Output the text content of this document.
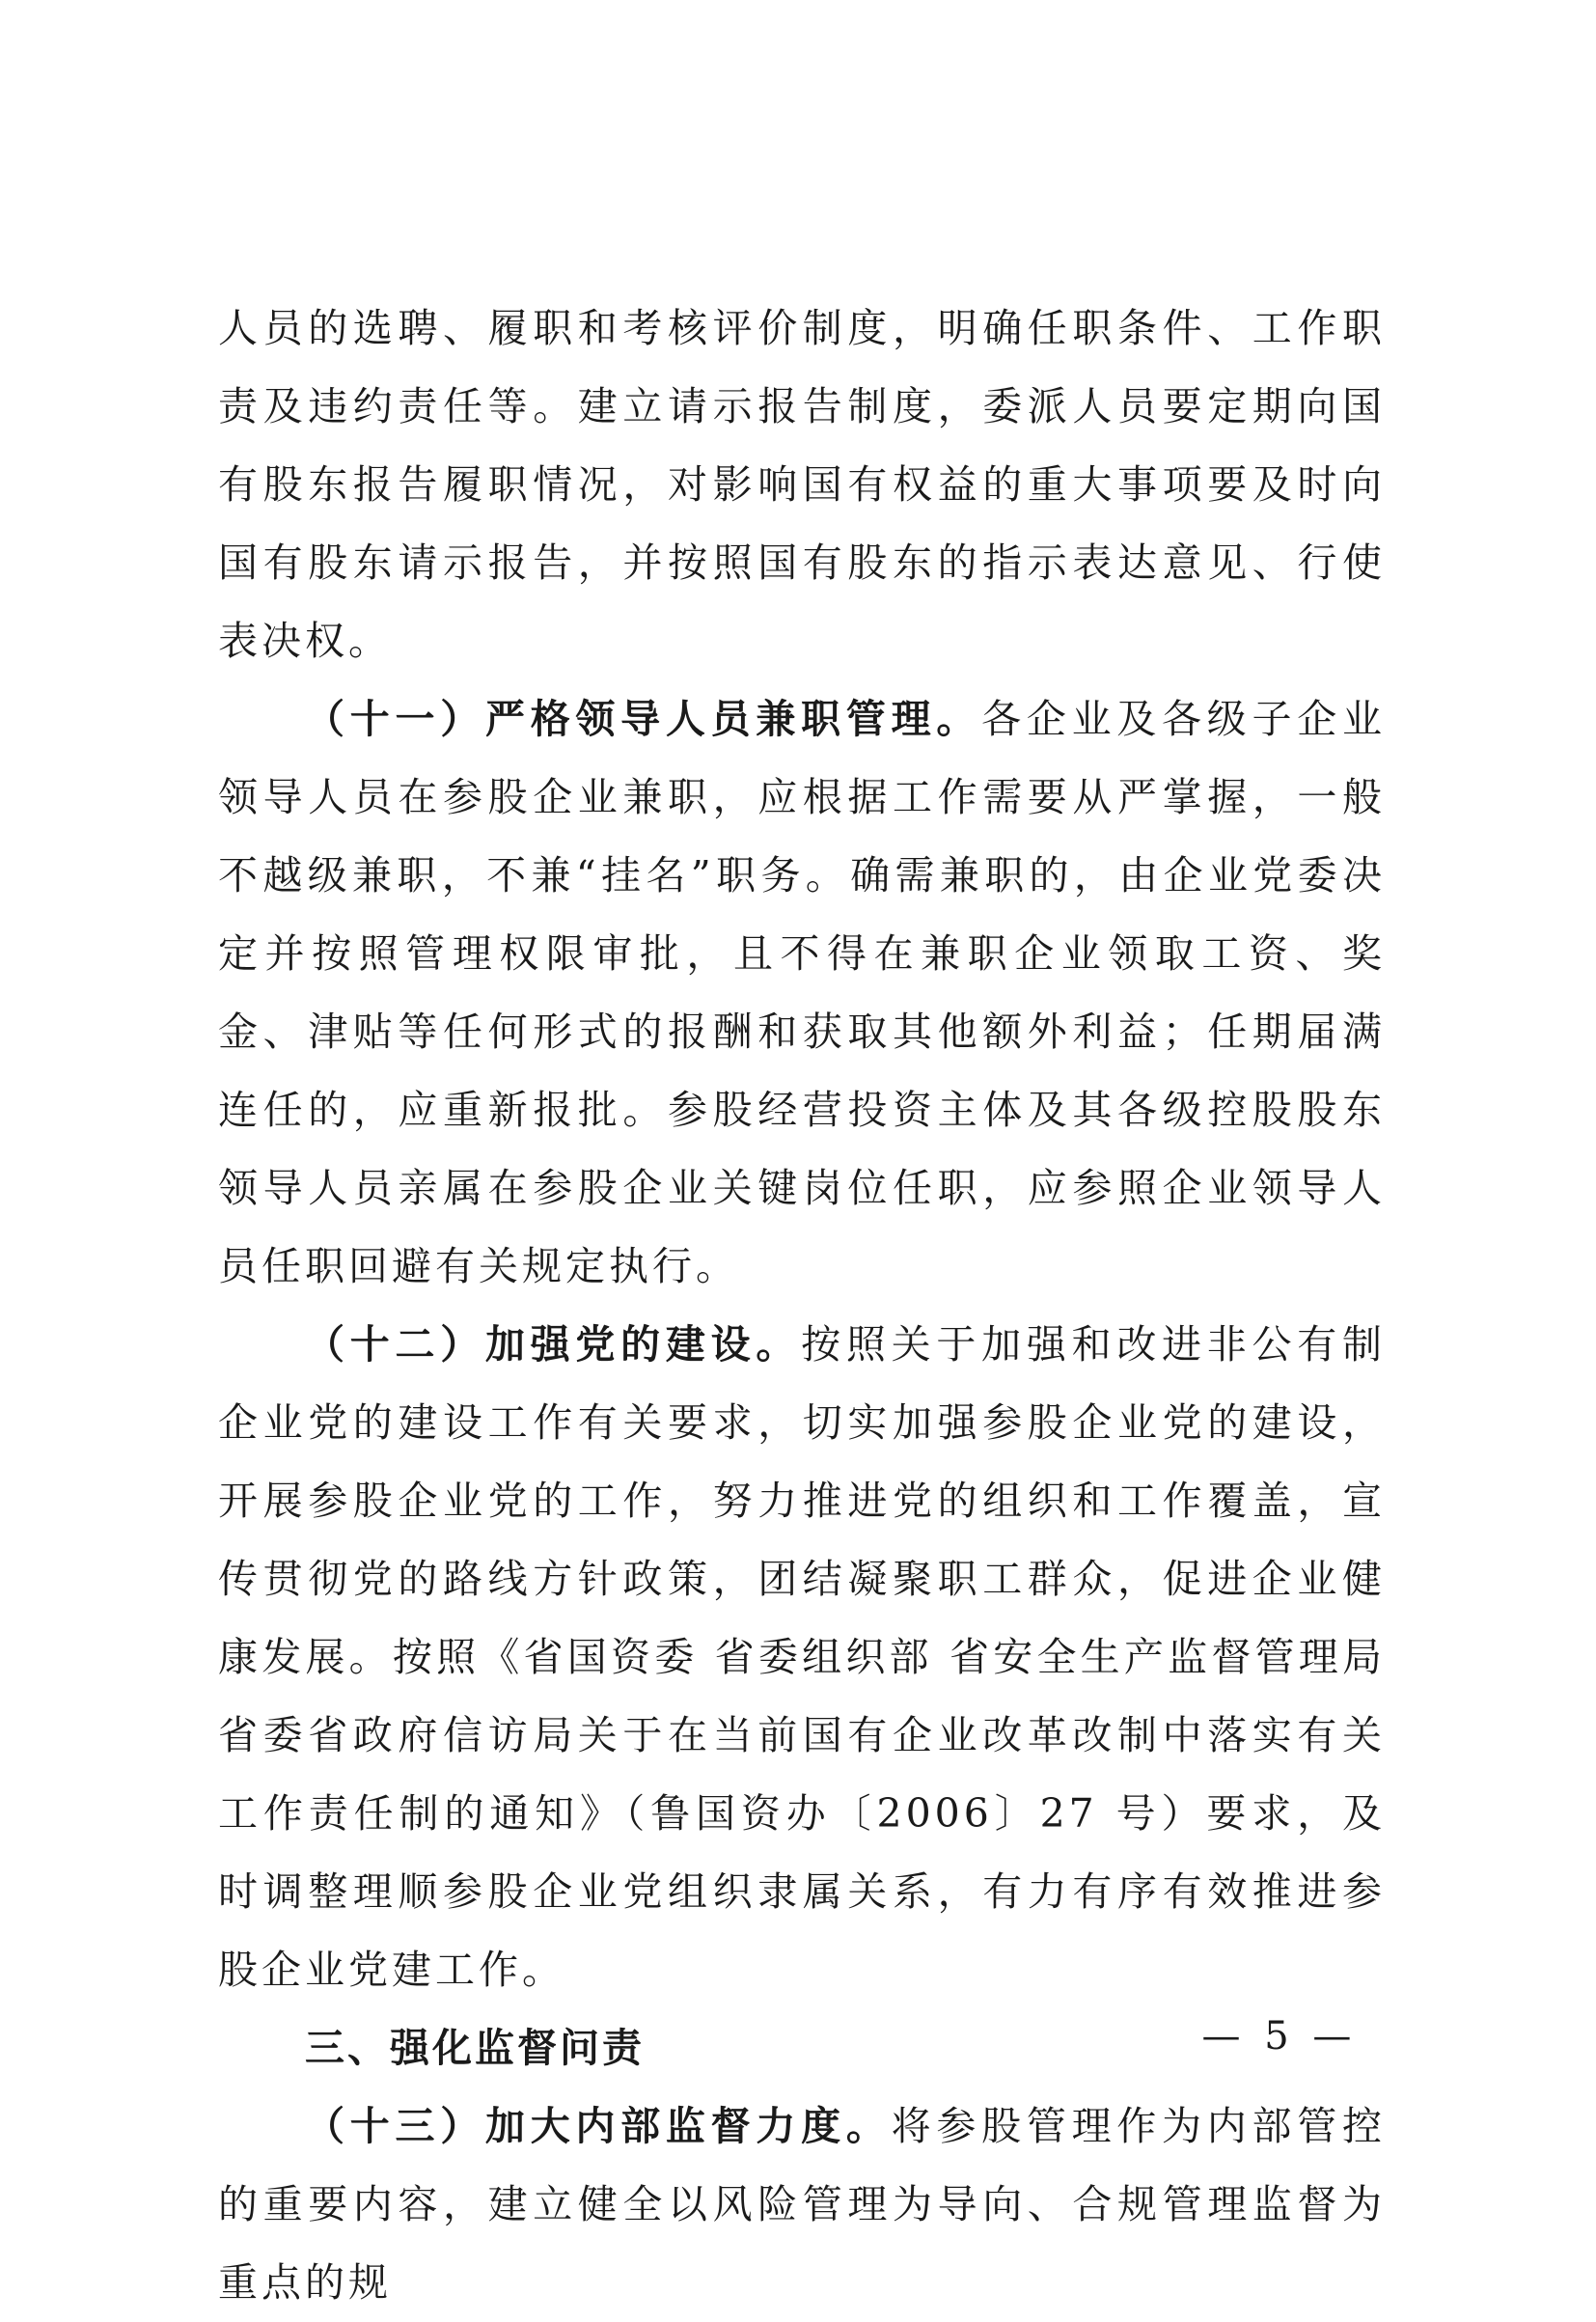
人员的选聘、履职和考核评价制度，明确任职条件、工作职责及违约责任等。建立请示报告制度，委派人员要定期向国有股东报告履职情况，对影响国有权益的重大事项要及时向国有股东请示报告，并按照国有股东的指示表达意见、行使表决权。

（十一）严格领导人员兼职管理。各企业及各级子企业领导人员在参股企业兼职，应根据工作需要从严掌握，一般不越级兼职，不兼“挂名”职务。确需兼职的，由企业党委决定并按照管理权限审批，且不得在兼职企业领取工资、奖金、津贴等任何形式的报酬和获取其他额外利益；任期届满连任的，应重新报批。参股经营投资主体及其各级控股股东领导人员亲属在参股企业关键岗位任职，应参照企业领导人员任职回避有关规定执行。

（十二）加强党的建设。按照关于加强和改进非公有制企业党的建设工作有关要求，切实加强参股企业党的建设，开展参股企业党的工作，努力推进党的组织和工作覆盖，宣传贯彻党的路线方针政策，团结凝聚职工群众，促进企业健康发展。按照《省国资委 省委组织部 省安全生产监督管理局 省委省政府信访局关于在当前国有企业改革改制中落实有关工作责任制的通知》（鲁国资办〔2006〕27 号）要求，及时调整理顺参股企业党组织隶属关系，有力有序有效推进参股企业党建工作。

三、强化监督问责

（十三）加大内部监督力度。将参股管理作为内部管控的重要内容，建立健全以风险管理为导向、合规管理监督为重点的规

— 5 —
